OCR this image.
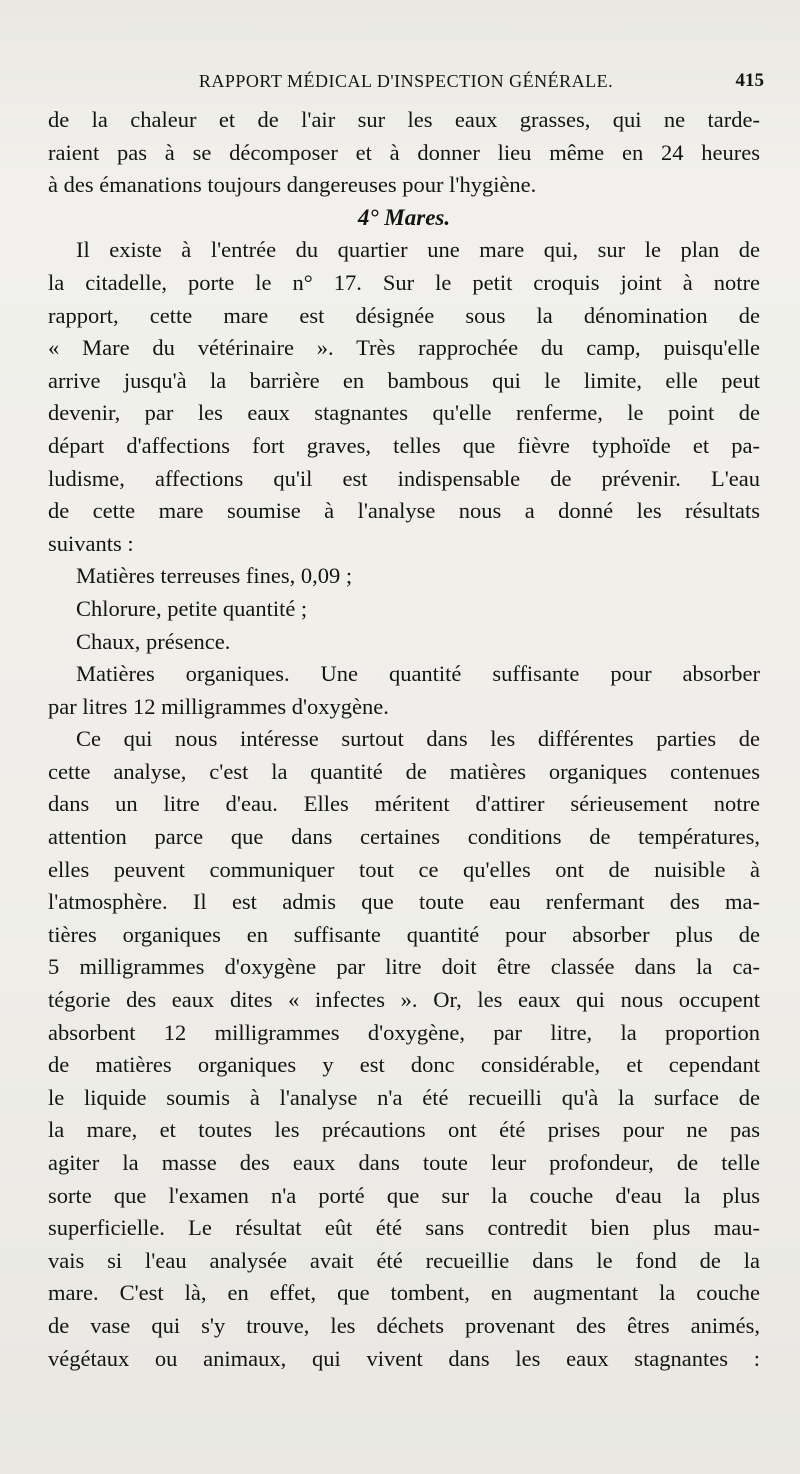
RAPPORT MÉDICAL D'INSPECTION GÉNÉRALE.	415
de la chaleur et de l'air sur les eaux grasses, qui ne tarde-
raient pas à se décomposer et à donner lieu même en 24 heures
à des émanations toujours dangereuses pour l'hygiène.
4° Mares.
Il existe à l'entrée du quartier une mare qui, sur le plan de
la citadelle, porte le n° 17. Sur le petit croquis joint à notre
rapport, cette mare est désignée sous la dénomination de
« Mare du vétérinaire ». Très rapprochée du camp, puisqu'elle
arrive jusqu'à la barrière en bambous qui le limite, elle peut
devenir, par les eaux stagnantes qu'elle renferme, le point de
départ d'affections fort graves, telles que fièvre typhoïde et pa-
ludisme, affections qu'il est indispensable de prévenir. L'eau
de cette mare soumise à l'analyse nous a donné les résultats
suivants :
Matières terreuses fines, 0,09 ;
Chlorure, petite quantité ;
Chaux, présence.
Matières organiques. Une quantité suffisante pour absorber
par litres 12 milligrammes d'oxygène.
Ce qui nous intéresse surtout dans les différentes parties de
cette analyse, c'est la quantité de matières organiques contenues
dans un litre d'eau. Elles méritent d'attirer sérieusement notre
attention parce que dans certaines conditions de températures,
elles peuvent communiquer tout ce qu'elles ont de nuisible à
l'atmosphère. Il est admis que toute eau renfermant des ma-
tières organiques en suffisante quantité pour absorber plus de
5 milligrammes d'oxygène par litre doit être classée dans la ca-
tégorie des eaux dites « infectes ». Or, les eaux qui nous occupent
absorbent 12 milligrammes d'oxygène, par litre, la proportion
de matières organiques y est donc considérable, et cependant
le liquide soumis à l'analyse n'a été recueilli qu'à la surface de
la mare, et toutes les précautions ont été prises pour ne pas
agiter la masse des eaux dans toute leur profondeur, de telle
sorte que l'examen n'a porté que sur la couche d'eau la plus
superficielle. Le résultat eût été sans contredit bien plus mau-
vais si l'eau analysée avait été recueillie dans le fond de la
mare. C'est là, en effet, que tombent, en augmentant la couche
de vase qui s'y trouve, les déchets provenant des êtres animés,
végétaux ou animaux, qui vivent dans les eaux stagnantes :
